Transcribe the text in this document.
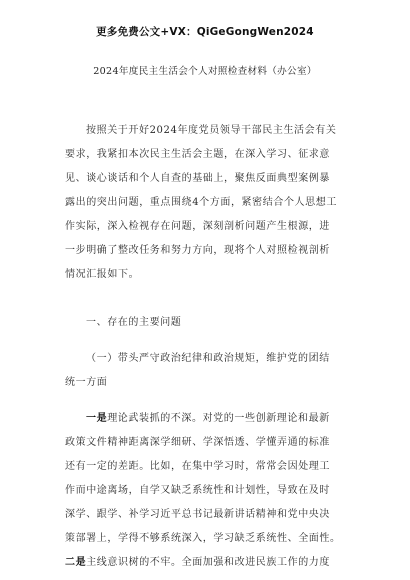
更多免费公文+VX：QiGeGongWen2024
2024年度民主生活会个人对照检查材料（办公室）
按照关于开好2024年度党员领导干部民主生活会有关
要求，我紧扣本次民主生活会主题，在深入学习、征求意
见、谈心谈话和个人自查的基础上，聚焦反面典型案例暴
露出的突出问题，重点围绕4个方面，紧密结合个人思想工
作实际，深入检视存在问题，深刻剖析问题产生根源，进
一步明确了整改任务和努力方向，现将个人对照检视剖析
情况汇报如下。
一、存在的主要问题
（一）带头严守政治纪律和政治规矩，维护党的团结
统一方面
一是理论武装抓的不深。对党的一些创新理论和最新
政策文件精神距离深学细研、学深悟透、学懂弄通的标准
还有一定的差距。比如，在集中学习时，常常会因处理工
作而中途离场，自学又缺乏系统性和计划性，导致在及时
深学、跟学、补学习近平总书记最新讲话精神和党中央决
策部署上，学得不够系统深入，学习缺乏系统性、全面性。
二是主线意识树的不牢。全面加强和改进民族工作的力度
